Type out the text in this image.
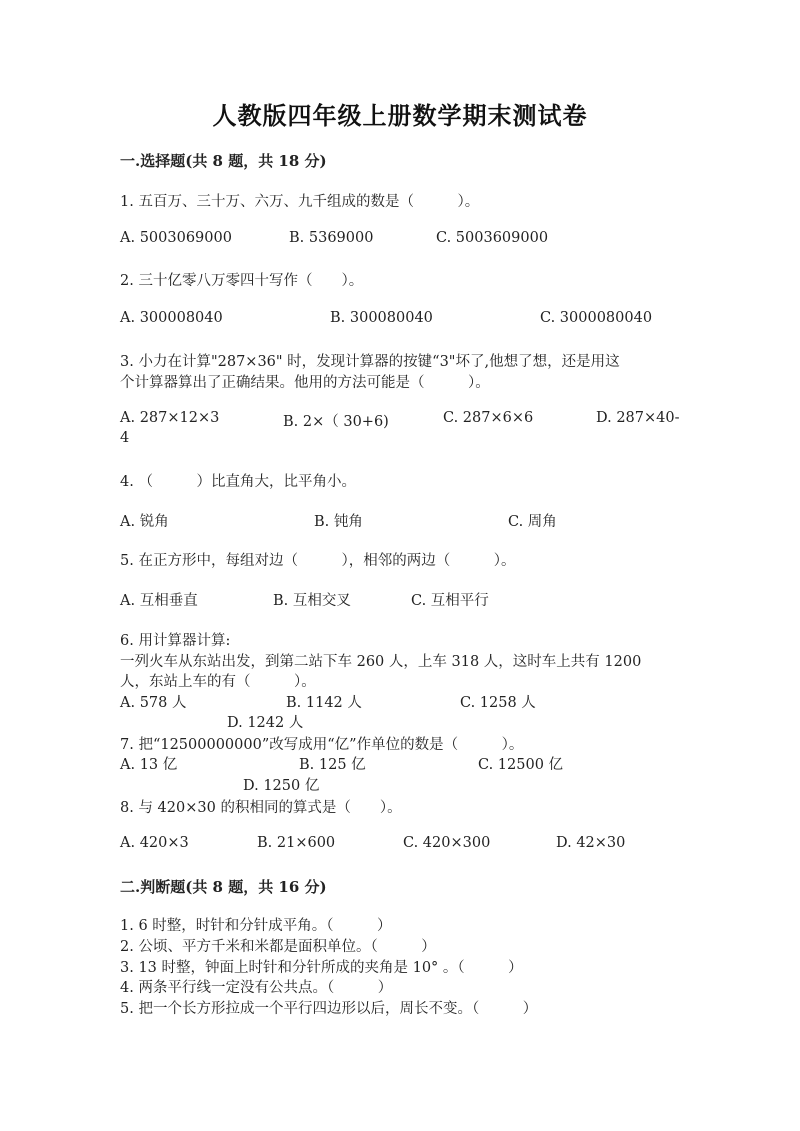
人教版四年级上册数学期末测试卷
一.选择题(共 8 题，共 18 分)
1. 五百万、三十万、六万、九千组成的数是（　　　）。
A. 5003069000	B. 5369000	C. 5003609000
2. 三十亿零八万零四十写作（　　）。
A. 300008040	B. 300080040	C. 3000080040
3. 小力在计算"287×36" 时，发现计算器的按键“3"坏了,他想了想，还是用这
个计算器算出了正确结果。他用的方法可能是（　　　）。
A. 287×12×3	B. 2×（ 30+6)	C. 287×6×6	D. 287×40-
4
4. （　　　）比直角大，比平角小。
A. 锐角	B. 钝角	C. 周角
5. 在正方形中，每组对边（　　　），相邻的两边（　　　）。
A. 互相垂直	B. 互相交叉	C. 互相平行
6. 用计算器计算:
一列火车从东站出发，到第二站下车 260 人，上车 318 人，这时车上共有 1200
人，东站上车的有（　　　）。
A. 578 人	B. 1142 人	C. 1258 人
D. 1242 人
7. 把“12500000000”改写成用“亿”作单位的数是（　　　）。
A. 13 亿	B. 125 亿	C. 12500 亿
D. 1250 亿
8. 与 420×30 的积相同的算式是（　　）。
A. 420×3	B. 21×600	C. 420×300	D. 42×30
二.判断题(共 8 题，共 16 分)
1. 6 时整，时针和分针成平角。（　　　）
2. 公顷、平方千米和米都是面积单位。（　　　）
3. 13 时整，钟面上时针和分针所成的夹角是 10° 。（　　　）
4. 两条平行线一定没有公共点。（　　　）
5. 把一个长方形拉成一个平行四边形以后，周长不变。（　　　）
